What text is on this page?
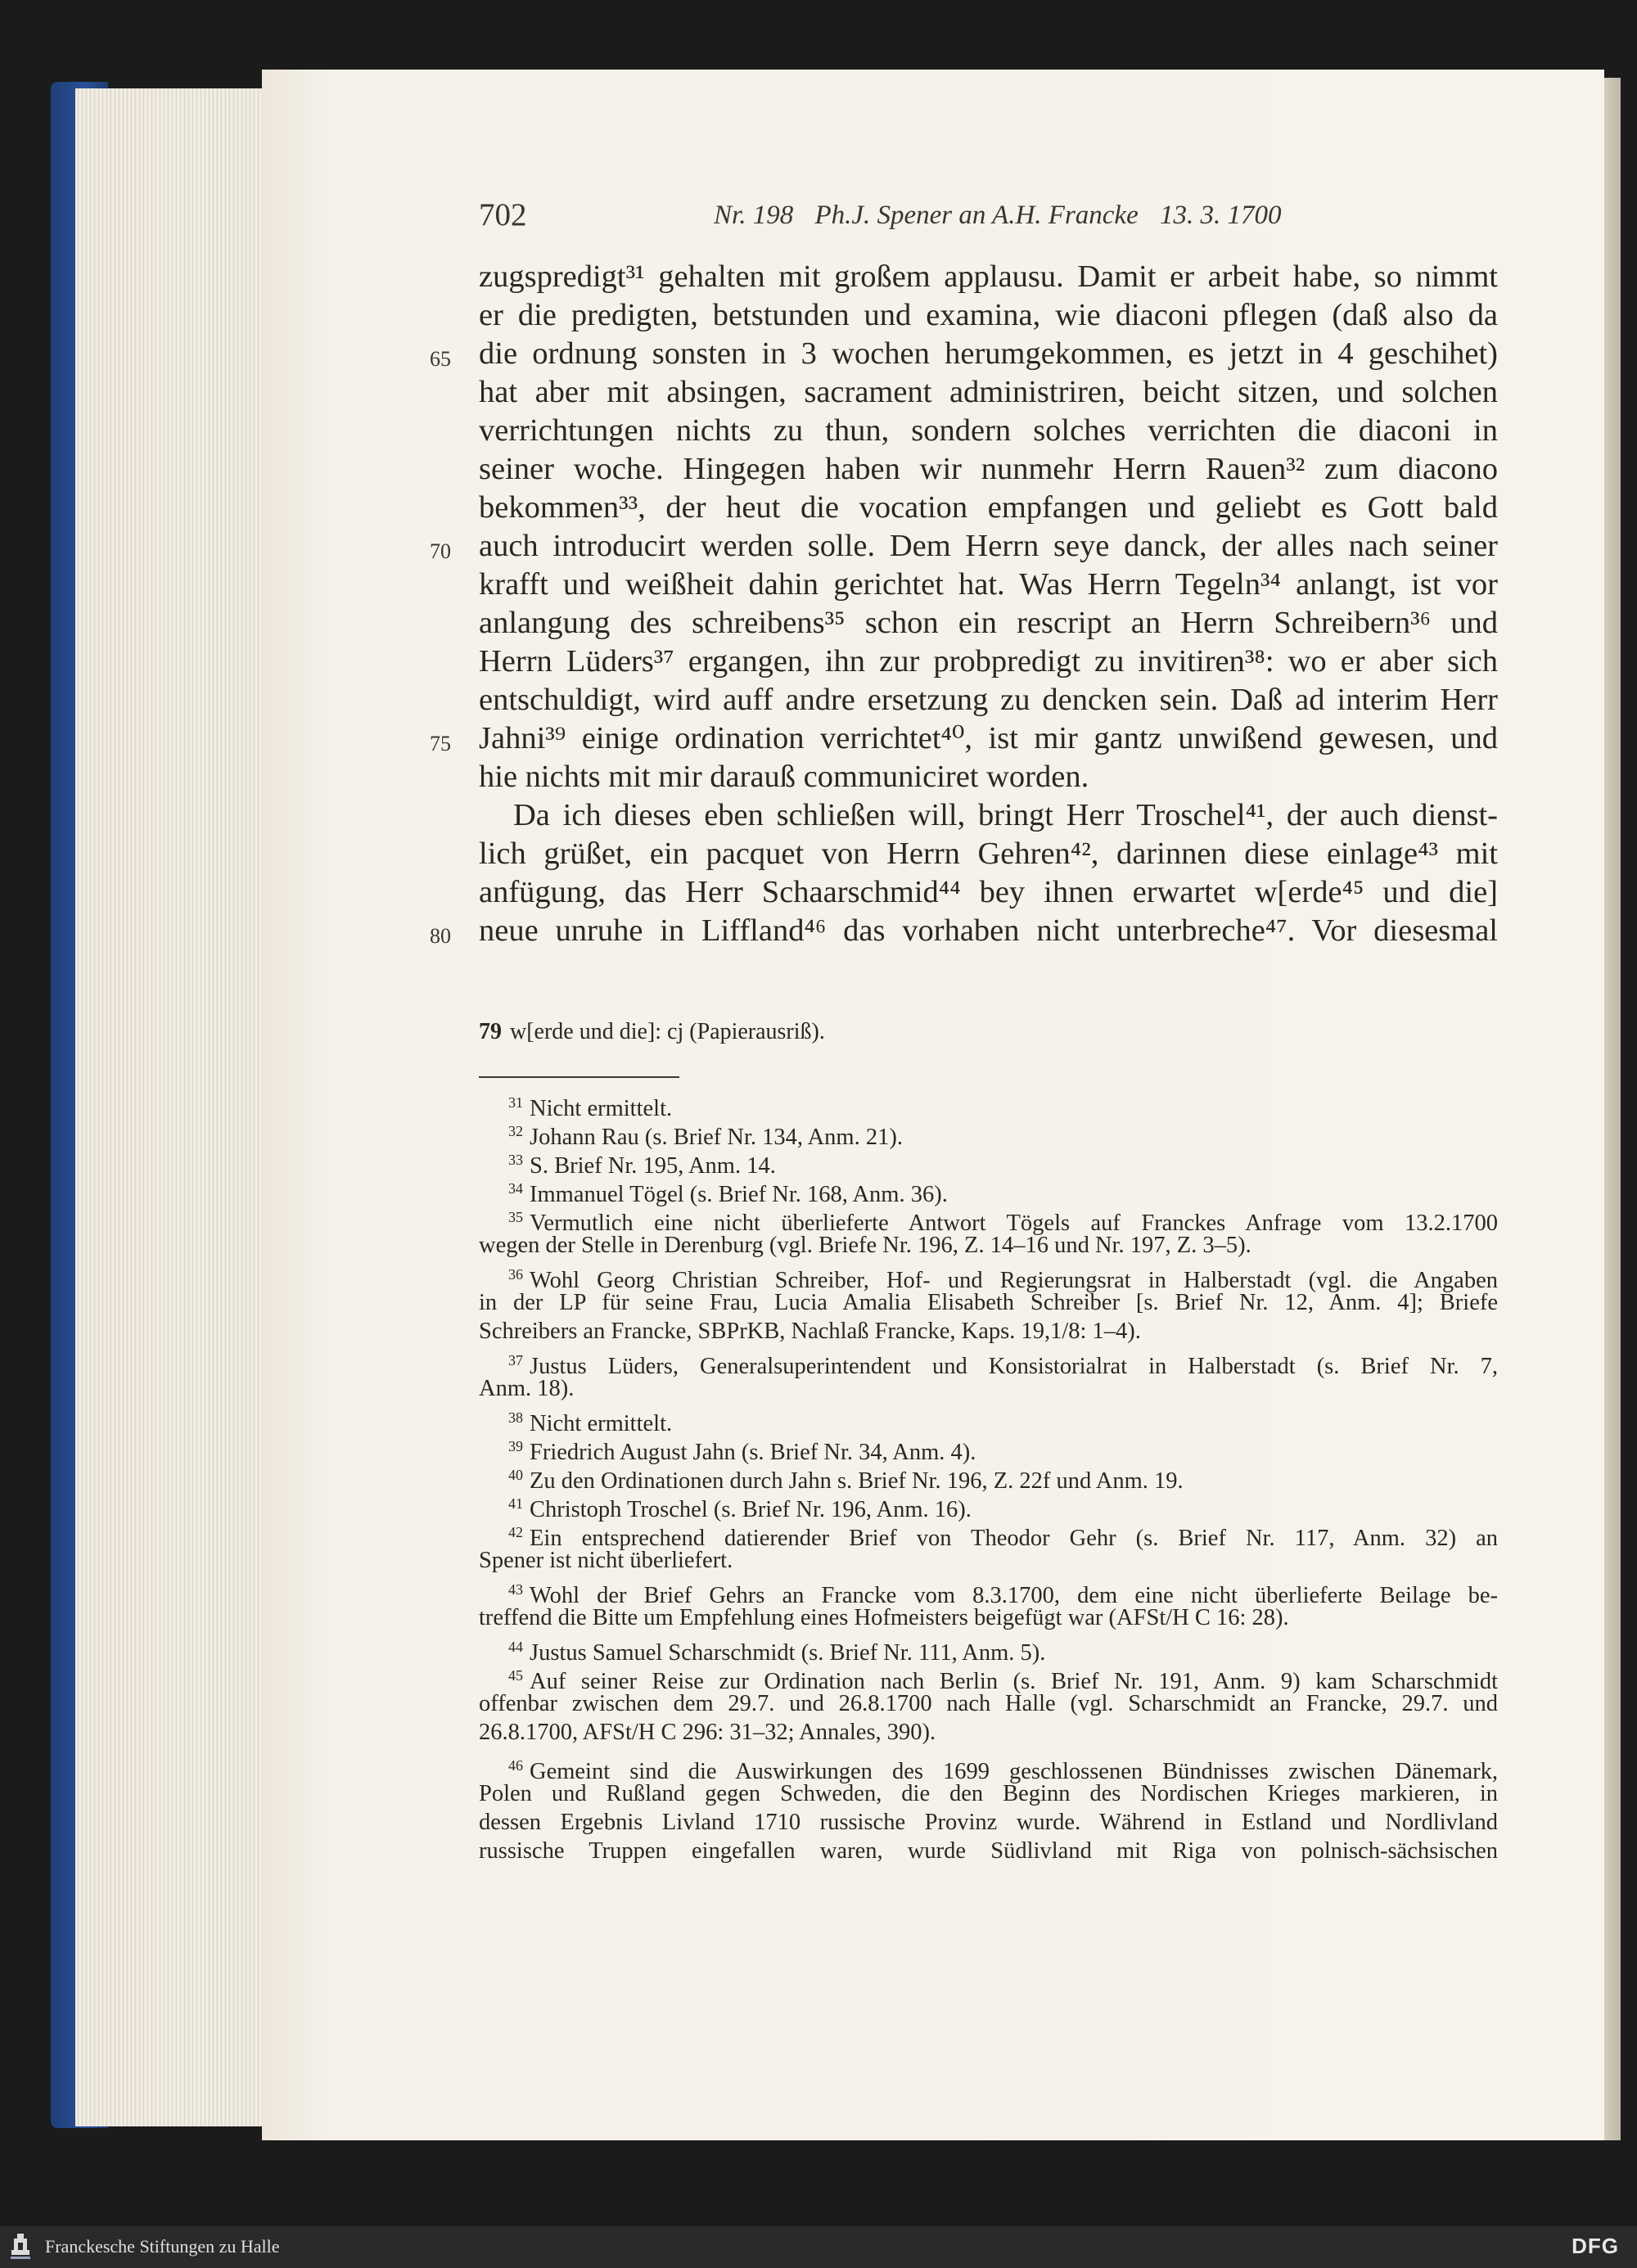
702	Nr. 198 Ph.J. Spener an A.H. Francke 13. 3. 1700
zugspredigt³¹ gehalten mit großem applausu. Damit er arbeit habe, so nimmt
er die predigten, betstunden und examina, wie diaconi pflegen (daß also da
die ordnung sonsten in 3 wochen herumgekommen, es jetzt in 4 geschihet)
hat aber mit absingen, sacrament administriren, beicht sitzen, und solchen
verrichtungen nichts zu thun, sondern solches verrichten die diaconi in
seiner woche. Hingegen haben wir nunmehr Herrn Rauen³² zum diacono
bekommen³³, der heut die vocation empfangen und geliebt es Gott bald
auch introducirt werden solle. Dem Herrn seye danck, der alles nach seiner
krafft und weißheit dahin gerichtet hat. Was Herrn Tegeln³⁴ anlangt, ist vor
anlangung des schreibens³⁵ schon ein rescript an Herrn Schreibern³⁶ und
Herrn Lüders³⁷ ergangen, ihn zur probpredigt zu invitiren³⁸: wo er aber sich
entschuldigt, wird auff andre ersetzung zu dencken sein. Daß ad interim Herr
Jahni³⁹ einige ordination verrichtet⁴⁰, ist mir gantz unwißend gewesen, und
hie nichts mit mir darauß communiciret worden.
Da ich dieses eben schließen will, bringt Herr Troschel⁴¹, der auch dienst-
lich grüßet, ein pacquet von Herrn Gehren⁴², darinnen diese einlage⁴³ mit
anfügung, das Herr Schaarschmid⁴⁴ bey ihnen erwartet w[erde⁴⁵ und die]
neue unruhe in Liffland⁴⁶ das vorhaben nicht unterbreche⁴⁷. Vor diesesmal
65
70
75
80
79 w[erde und die]: cj (Papierausriß).
$^{31}$ Nicht ermittelt.
$^{32}$ Johann Rau (s. Brief Nr. 134, Anm. 21).
$^{33}$ S. Brief Nr. 195, Anm. 14.
$^{34}$ Immanuel Tögel (s. Brief Nr. 168, Anm. 36).
$^{35}$ Vermutlich eine nicht überlieferte Antwort Tögels auf Franckes Anfrage vom 13.2.1700
wegen der Stelle in Derenburg (vgl. Briefe Nr. 196, Z. 14–16 und Nr. 197, Z. 3–5).
$^{36}$ Wohl Georg Christian Schreiber, Hof- und Regierungsrat in Halberstadt (vgl. die Angaben
in der LP für seine Frau, Lucia Amalia Elisabeth Schreiber [s. Brief Nr. 12, Anm. 4]; Briefe
Schreibers an Francke, SBPrKB, Nachlaß Francke, Kaps. 19,1/8: 1–4).
$^{37}$ Justus Lüders, Generalsuperintendent und Konsistorialrat in Halberstadt (s. Brief Nr. 7,
Anm. 18).
$^{38}$ Nicht ermittelt.
$^{39}$ Friedrich August Jahn (s. Brief Nr. 34, Anm. 4).
$^{40}$ Zu den Ordinationen durch Jahn s. Brief Nr. 196, Z. 22f und Anm. 19.
$^{41}$ Christoph Troschel (s. Brief Nr. 196, Anm. 16).
$^{42}$ Ein entsprechend datierender Brief von Theodor Gehr (s. Brief Nr. 117, Anm. 32) an
Spener ist nicht überliefert.
$^{43}$ Wohl der Brief Gehrs an Francke vom 8.3.1700, dem eine nicht überlieferte Beilage be-
treffend die Bitte um Empfehlung eines Hofmeisters beigefügt war (AFSt/H C 16: 28).
$^{44}$ Justus Samuel Scharschmidt (s. Brief Nr. 111, Anm. 5).
$^{45}$ Auf seiner Reise zur Ordination nach Berlin (s. Brief Nr. 191, Anm. 9) kam Scharschmidt
offenbar zwischen dem 29.7. und 26.8.1700 nach Halle (vgl. Scharschmidt an Francke, 29.7. und
26.8.1700, AFSt/H C 296: 31–32; Annales, 390).
$^{46}$ Gemeint sind die Auswirkungen des 1699 geschlossenen Bündnisses zwischen Dänemark,
Polen und Rußland gegen Schweden, die den Beginn des Nordischen Krieges markieren, in
dessen Ergebnis Livland 1710 russische Provinz wurde. Während in Estland und Nordlivland
russische Truppen eingefallen waren, wurde Südlivland mit Riga von polnisch-sächsischen
Franckesche Stiftungen zu Halle	DFG
